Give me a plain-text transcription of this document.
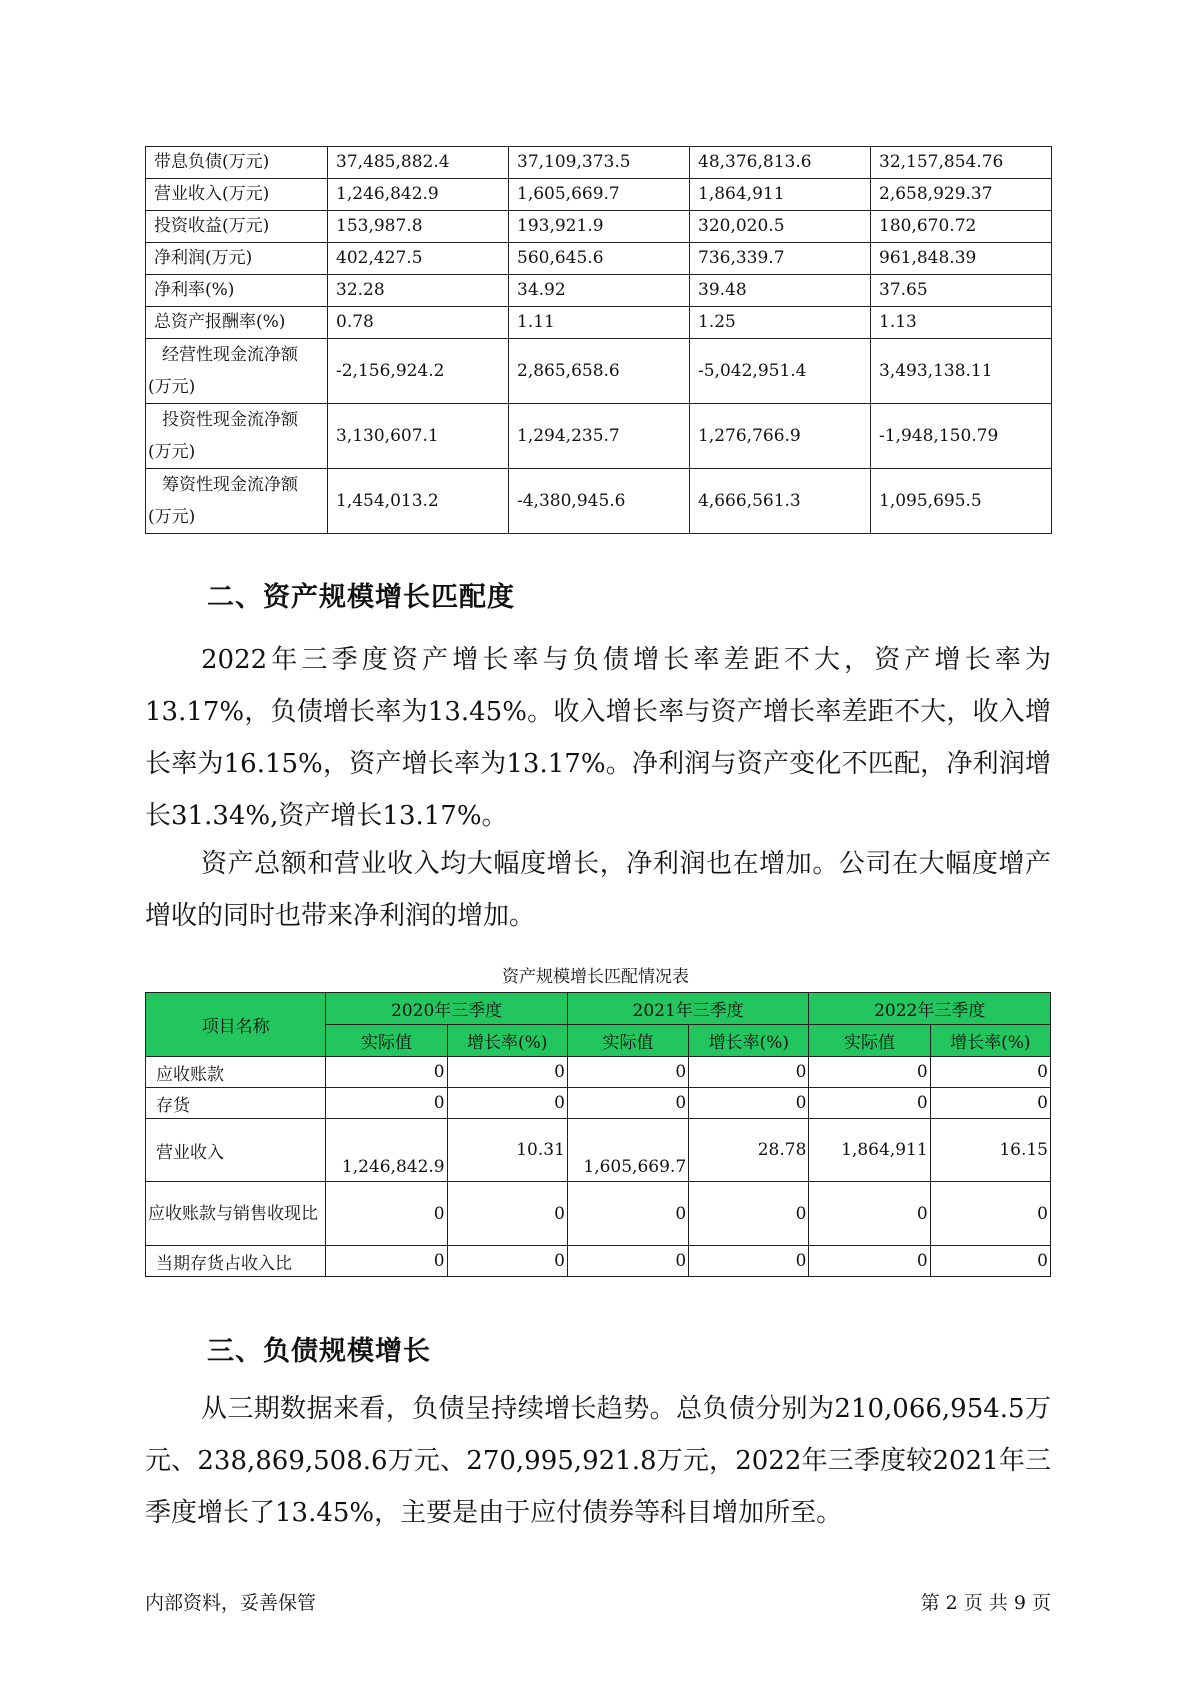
带息负债(万元)	37,485,882.4	37,109,373.5	48,376,813.6	32,157,854.76
营业收入(万元)	1,246,842.9	1,605,669.7	1,864,911	2,658,929.37
投资收益(万元)	153,987.8	193,921.9	320,020.5	180,670.72
净利润(万元)	402,427.5	560,645.6	736,339.7	961,848.39
净利率(%)	32.28	34.92	39.48	37.65
总资产报酬率(%)	0.78	1.11	1.25	1.13
经营性现金流净额
(万元)	-2,156,924.2	2,865,658.6	-5,042,951.4	3,493,138.11
投资性现金流净额
(万元)	3,130,607.1	1,294,235.7	1,276,766.9	-1,948,150.79
筹资性现金流净额
(万元)	1,454,013.2	-4,380,945.6	4,666,561.3	1,095,695.5
二、资产规模增长匹配度

2022年三季度资产增长率与负债增长率差距不大，资产增长率为13.17%，负债增长率为13.45%。收入增长率与资产增长率差距不大，收入增长率为16.15%，资产增长率为13.17%。净利润与资产变化不匹配，净利润增长31.34%,资产增长13.17%。

资产总额和营业收入均大幅度增长，净利润也在增加。公司在大幅度增产增收的同时也带来净利润的增加。

资产规模增长匹配情况表
项目名称	2020年三季度		2021年三季度		2022年三季度	
	实际值	增长率(%)	实际值	增长率(%)	实际值	增长率(%)
应收账款	0	0	0	0	0	0
存货	0	0	0	0	0	0
营业收入	1,246,842.9	10.31	1,605,669.7	28.78	1,864,911	16.15
应收账款与销售收现比	0	0	0	0	0	0
当期存货占收入比	0	0	0	0	0	0
三、负债规模增长

从三期数据来看，负债呈持续增长趋势。总负债分别为210,066,954.5万元、238,869,508.6万元、270,995,921.8万元，2022年三季度较2021年三季度增长了13.45%，主要是由于应付债券等科目增加所至。

内部资料，妥善保管	第 2 页 共 9 页
